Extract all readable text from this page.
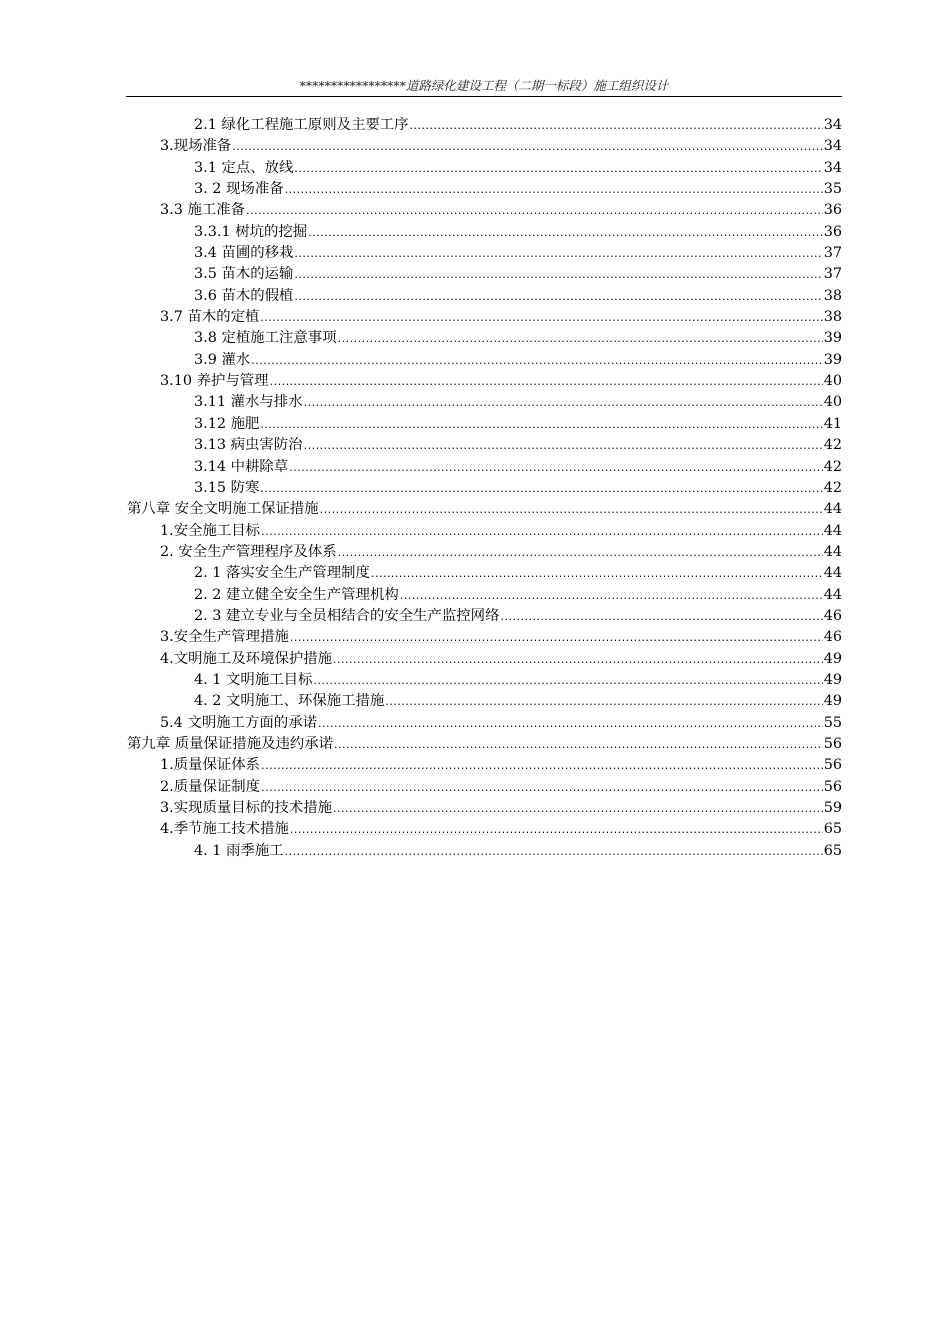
*****************道路绿化建设工程（二期一标段）施工组织设计
2.1 绿化工程施工原则及主要工序 .....	34
3.现场准备 .....	34
3.1 定点、放线 .....	34
3. 2 现场准备 .....	35
3.3 施工准备 .....	36
3.3.1 树坑的挖掘 .....	36
3.4 苗圃的移栽 .....	37
3.5 苗木的运输 .....	37
3.6 苗木的假植 .....	38
3.7 苗木的定植 .....	38
3.8 定植施工注意事项 .....	39
3.9 灌水 .....	39
3.10 养护与管理 .....	40
3.11 灌水与排水 .....	40
3.12 施肥 .....	41
3.13 病虫害防治 .....	42
3.14 中耕除草 .....	42
3.15 防寒 .....	42
第八章 安全文明施工保证措施 .....	44
1.安全施工目标 .....	44
2. 安全生产管理程序及体系 .....	44
2. 1 落实安全生产管理制度 .....	44
2. 2 建立健全安全生产管理机构 .....	44
2. 3 建立专业与全员相结合的安全生产监控网络 .....	46
3.安全生产管理措施 .....	46
4.文明施工及环境保护措施 .....	49
4. 1 文明施工目标 .....	49
4. 2 文明施工、环保施工措施 .....	49
5.4 文明施工方面的承诺 .....	55
第九章 质量保证措施及违约承诺 .....	56
1.质量保证体系 .....	56
2.质量保证制度 .....	56
3.实现质量目标的技术措施 .....	59
4.季节施工技术措施 .....	65
4. 1 雨季施工 .....	65
